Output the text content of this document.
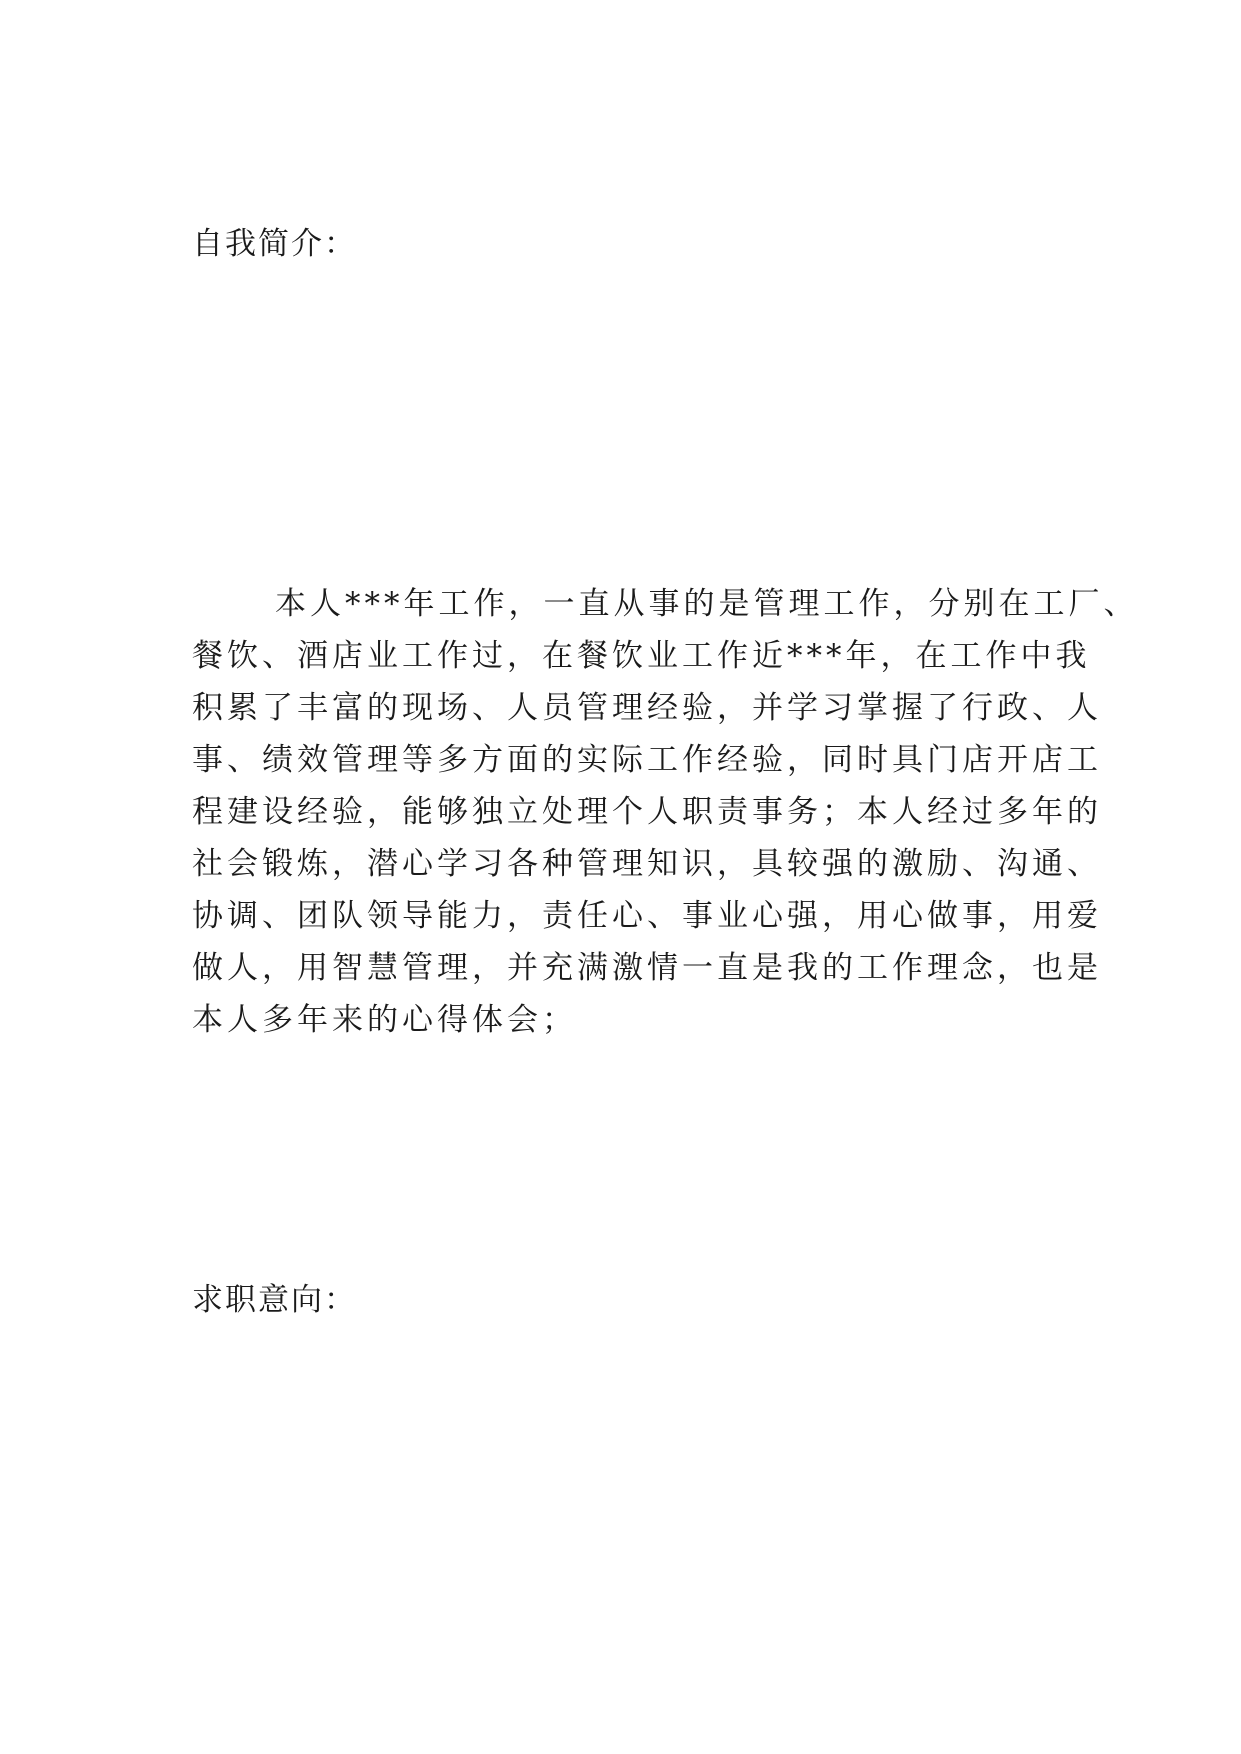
自我简介：
本人***年工作，一直从事的是管理工作，分别在工厂、
餐饮、酒店业工作过，在餐饮业工作近***年，在工作中我
积累了丰富的现场、人员管理经验，并学习掌握了行政、人
事、绩效管理等多方面的实际工作经验，同时具门店开店工
程建设经验，能够独立处理个人职责事务；本人经过多年的
社会锻炼，潜心学习各种管理知识，具较强的激励、沟通、
协调、团队领导能力，责任心、事业心强，用心做事，用爱
做人，用智慧管理，并充满激情一直是我的工作理念，也是
本人多年来的心得体会；
求职意向：
